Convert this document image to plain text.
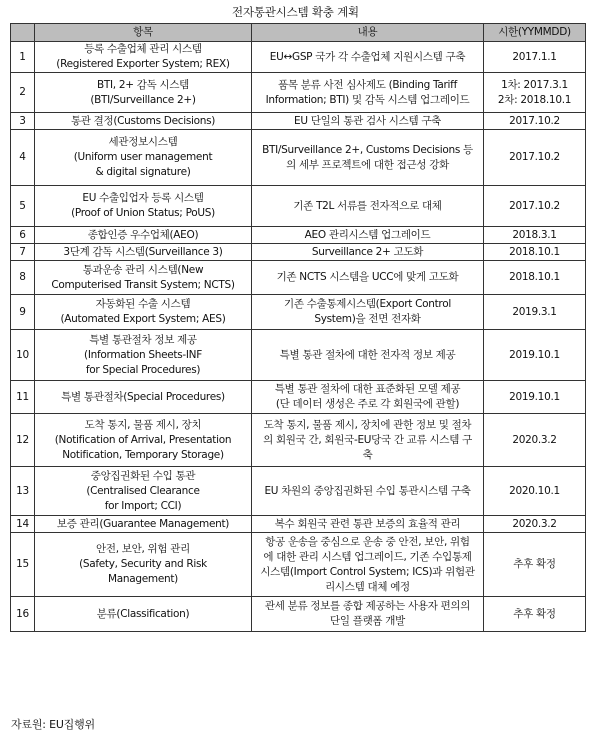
전자통관시스템 확충 계획
	항목	내용	시한(YYMMDD)
1	등록 수출업체 관리 시스템
(Registered Exporter System; REX)	EU↔GSP 국가 각 수출업체 지원시스템 구축	2017.1.1

2	BTI, 2+ 감독 시스템
(BTI/Surveillance 2+)	품목 분류 사전 심사제도 (Binding Tariff
Information; BTI) 및 감독 시스템 업그레이드	1차: 2017.3.1
2차: 2018.10.1

3	통관 결정(Customs Decisions)	EU 단일의 통관 검사 시스템 구축	2017.10.2

4	세관정보시스템
(Uniform user management
& digital signature)	BTI/Surveillance 2+, Customs Decisions 등
의 세부 프로젝트에 대한 접근성 강화	2017.10.2

5	EU 수출입업자 등록 시스템
(Proof of Union Status; PoUS)	기존 T2L 서류를 전자적으로 대체	2017.10.2

6	종합인증 우수업체(AEO)	AEO 관리시스템 업그레이드	2018.3.1

7	3단계 감독 시스템(Surveillance 3)	Surveillance 2+ 고도화	2018.10.1

8	통과운송 관리 시스템(New
Computerised Transit System; NCTS)	기존 NCTS 시스템을 UCC에 맞게 고도화	2018.10.1

9	자동화된 수출 시스템
(Automated Export System; AES)	기존 수출통제시스템(Export Control
System)을 전면 전자화	2019.3.1

10	특별 통관절차 정보 제공
(Information Sheets-INF
for Special Procedures)	특별 통관 절차에 대한 전자적 정보 제공	2019.10.1

11	특별 통관절차(Special Procedures)	특별 통관 절차에 대한 표준화된 모델 제공
(단 데이터 생성은 주로 각 회원국에 관할)	2019.10.1

12	도착 통지, 물품 제시, 장치
(Notification of Arrival, Presentation
Notification, Temporary Storage)	도착 통지, 물품 제시, 장치에 관한 정보 및 절차
의 회원국 간, 회원국-EU당국 간 교류 시스템 구
축	2020.3.2

13	중앙집권화된 수입 통관
(Centralised Clearance
for Import; CCI)	EU 차원의 중앙집권화된 수입 통관시스템 구축	2020.10.1

14	보증 관리(Guarantee Management)	복수 회원국 관련 통관 보증의 효율적 관리	2020.3.2

15	안전, 보안, 위험 관리
(Safety, Security and Risk
Management)	항공 운송을 중심으로 운송 중 안전, 보안, 위험
에 대한 관리 시스템 업그레이드, 기존 수입통제
시스템(Import Control System; ICS)과 위험관
리시스템 대체 예정	추후 확정

16	분류(Classification)	관세 분류 정보를 종합 제공하는 사용자 편의의
단일 플랫폼 개발	추후 확정
자료원: EU집행위
